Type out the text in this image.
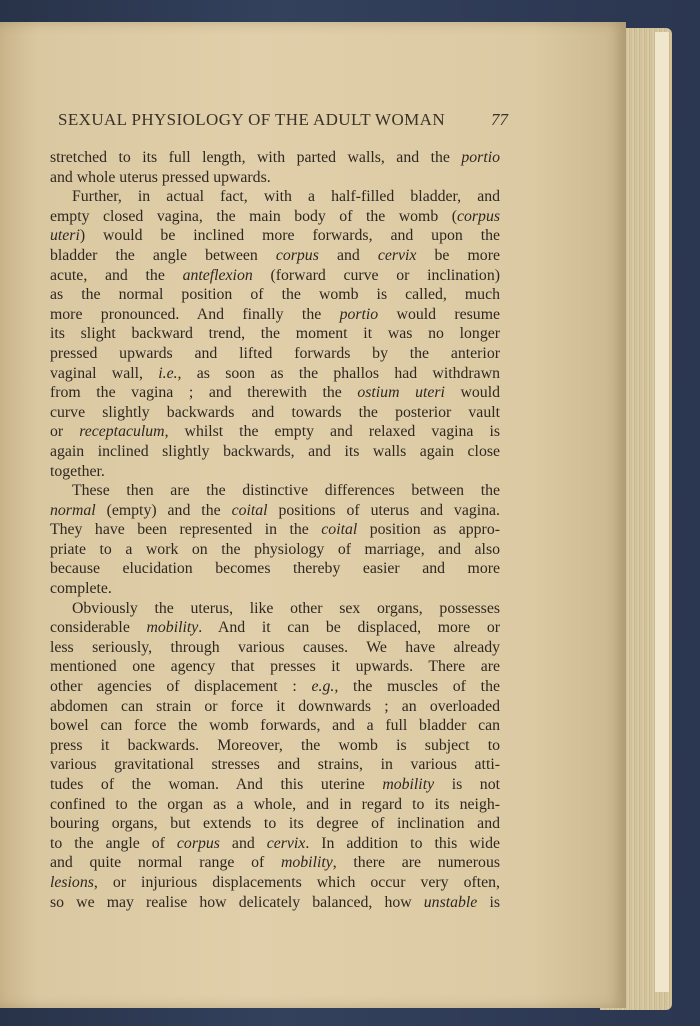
SEXUAL PHYSIOLOGY OF THE ADULT WOMAN	77
stretched to its full length, with parted walls, and the portio
and whole uterus pressed upwards.
Further, in actual fact, with a half-filled bladder, and
empty closed vagina, the main body of the womb (corpus
uteri) would be inclined more forwards, and upon the
bladder the angle between corpus and cervix be more
acute, and the anteflexion (forward curve or inclination)
as the normal position of the womb is called, much
more pronounced. And finally the portio would resume
its slight backward trend, the moment it was no longer
pressed upwards and lifted forwards by the anterior
vaginal wall, i.e., as soon as the phallos had withdrawn
from the vagina ; and therewith the ostium uteri would
curve slightly backwards and towards the posterior vault
or receptaculum, whilst the empty and relaxed vagina is
again inclined slightly backwards, and its walls again close
together.
These then are the distinctive differences between the
normal (empty) and the coital positions of uterus and vagina.
They have been represented in the coital position as appro-
priate to a work on the physiology of marriage, and also
because elucidation becomes thereby easier and more
complete.
Obviously the uterus, like other sex organs, possesses
considerable mobility. And it can be displaced, more or
less seriously, through various causes. We have already
mentioned one agency that presses it upwards. There are
other agencies of displacement : e.g., the muscles of the
abdomen can strain or force it downwards ; an overloaded
bowel can force the womb forwards, and a full bladder can
press it backwards. Moreover, the womb is subject to
various gravitational stresses and strains, in various atti-
tudes of the woman. And this uterine mobility is not
confined to the organ as a whole, and in regard to its neigh-
bouring organs, but extends to its degree of inclination and
to the angle of corpus and cervix. In addition to this wide
and quite normal range of mobility, there are numerous
lesions, or injurious displacements which occur very often,
so we may realise how delicately balanced, how unstable is
